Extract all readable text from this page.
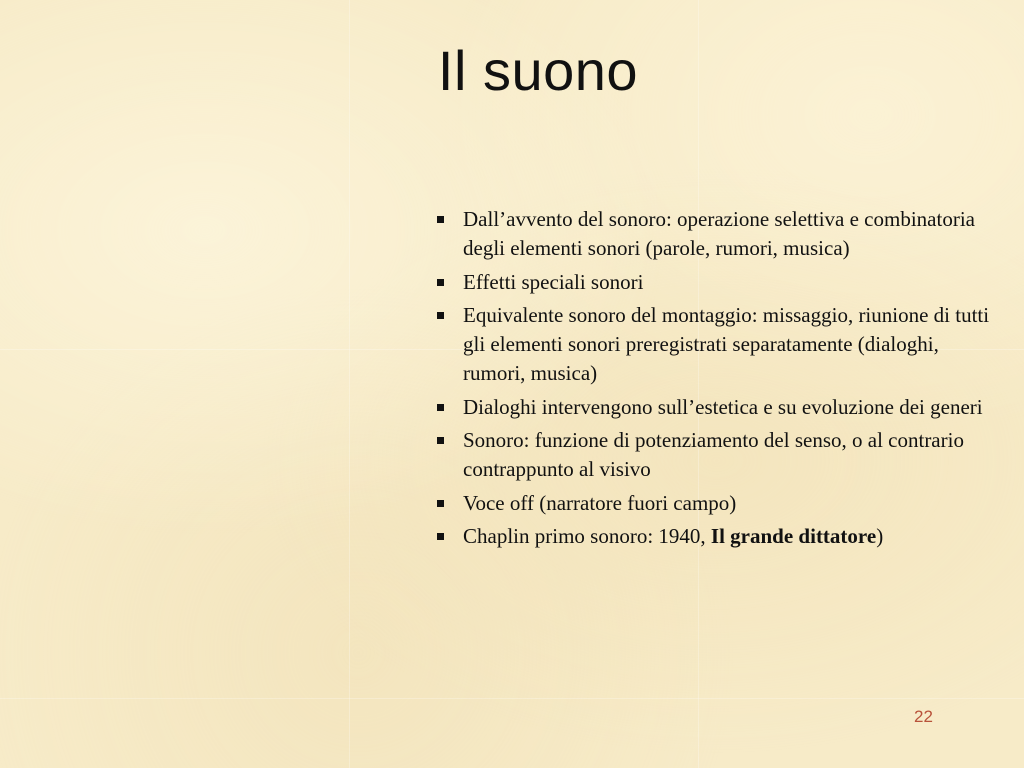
Il suono
Dallʼavvento del sonoro: operazione selettiva e combinatoria degli elementi sonori (parole, rumori, musica)
Effetti speciali sonori
Equivalente sonoro del montaggio: missaggio, riunione di tutti gli elementi sonori preregistrati separatamente (dialoghi, rumori, musica)
Dialoghi intervengono sullʼestetica e su evoluzione dei generi
Sonoro: funzione di potenziamento del senso, o al contrario contrappunto al visivo
Voce off (narratore fuori campo)
Chaplin primo sonoro: 1940, Il grande dittatore)
22
